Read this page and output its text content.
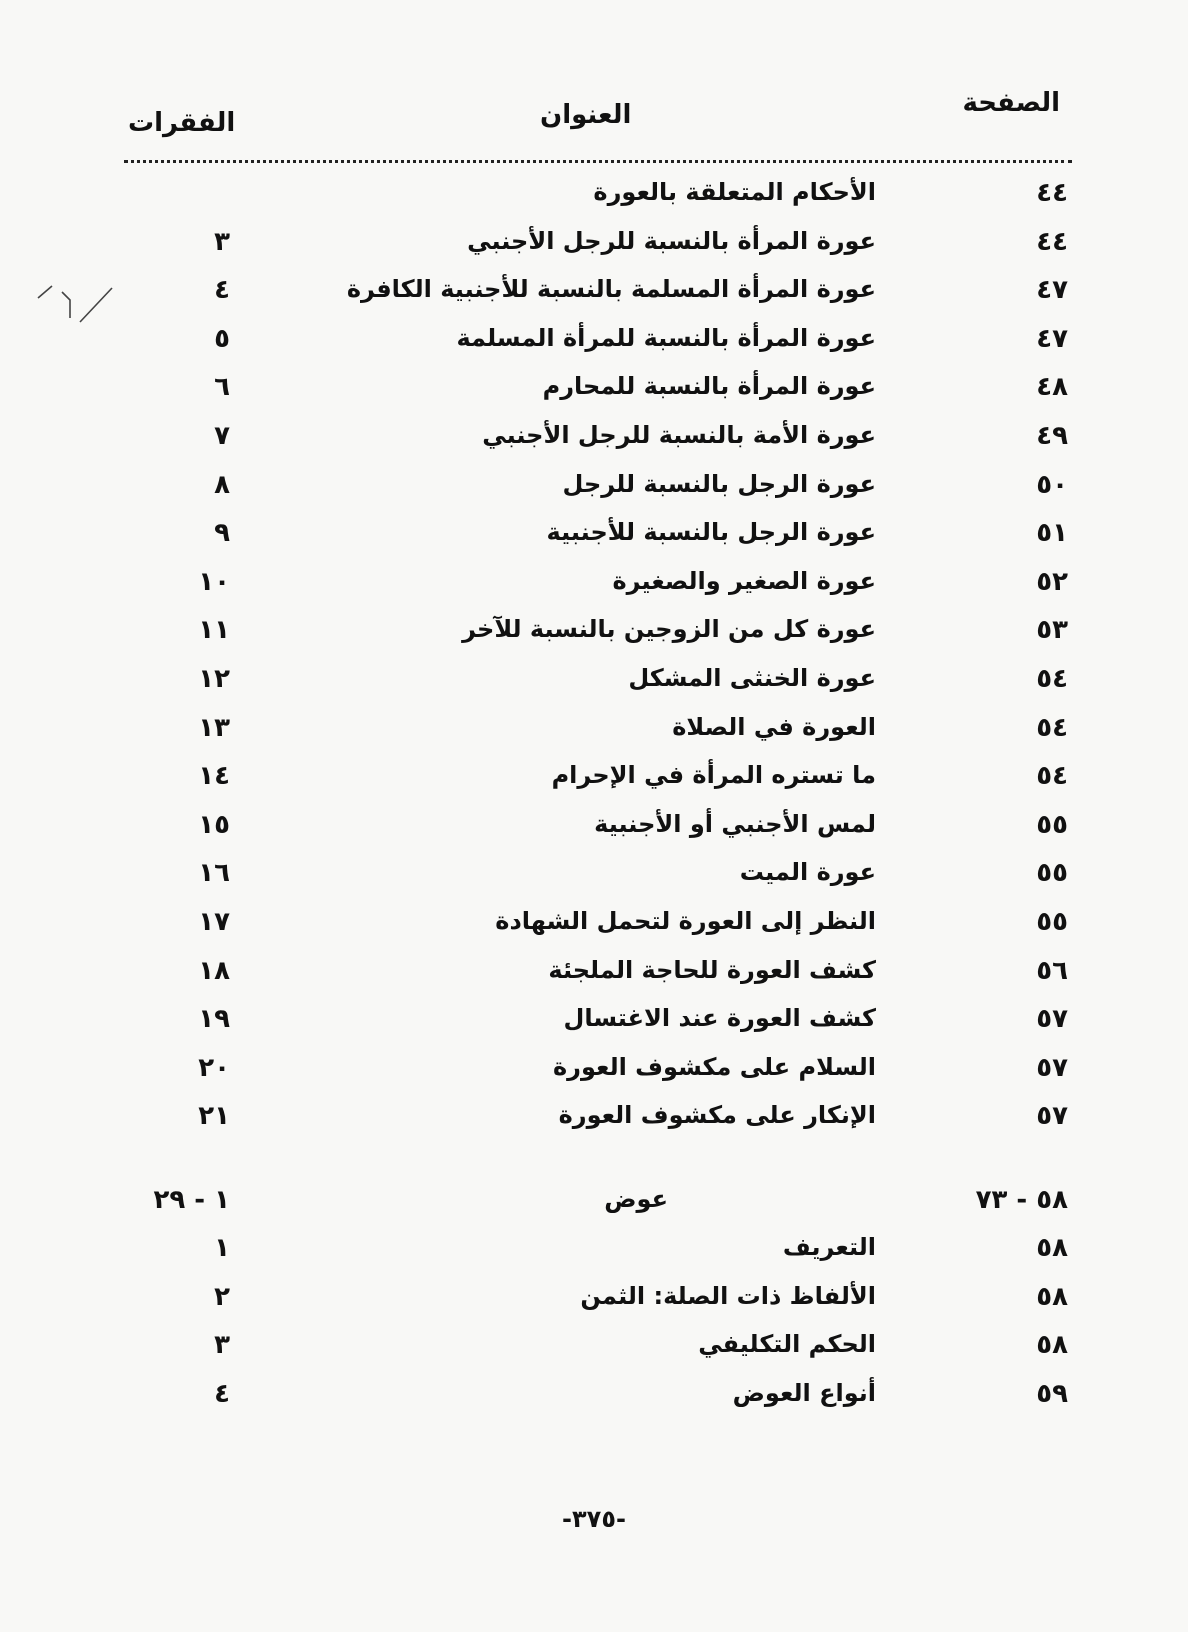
الصفحة
العنوان
الفقرات
٤٤
الأحكام المتعلقة بالعورة
٤٤
عورة المرأة بالنسبة للرجل الأجنبي
٣
٤٧
عورة المرأة المسلمة بالنسبة للأجنبية الكافرة
٤
٤٧
عورة المرأة بالنسبة للمرأة المسلمة
٥
٤٨
عورة المرأة بالنسبة للمحارم
٦
٤٩
عورة الأمة بالنسبة للرجل الأجنبي
٧
٥٠
عورة الرجل بالنسبة للرجل
٨
٥١
عورة الرجل بالنسبة للأجنبية
٩
٥٢
عورة الصغير والصغيرة
١٠
٥٣
عورة كل من الزوجين بالنسبة للآخر
١١
٥٤
عورة الخنثى المشكل
١٢
٥٤
العورة في الصلاة
١٣
٥٤
ما تستره المرأة في الإحرام
١٤
٥٥
لمس الأجنبي أو الأجنبية
١٥
٥٥
عورة الميت
١٦
٥٥
النظر إلى العورة لتحمل الشهادة
١٧
٥٦
كشف العورة للحاجة الملجئة
١٨
٥٧
كشف العورة عند الاغتسال
١٩
٥٧
السلام على مكشوف العورة
٢٠
٥٧
الإنكار على مكشوف العورة
٢١
٥٨ - ٧٣
عوض
١ - ٢٩
٥٨
التعريف
١
٥٨
الألفاظ ذات الصلة: الثمن
٢
٥٨
الحكم التكليفي
٣
٥٩
أنواع العوض
٤
-٣٧٥-
